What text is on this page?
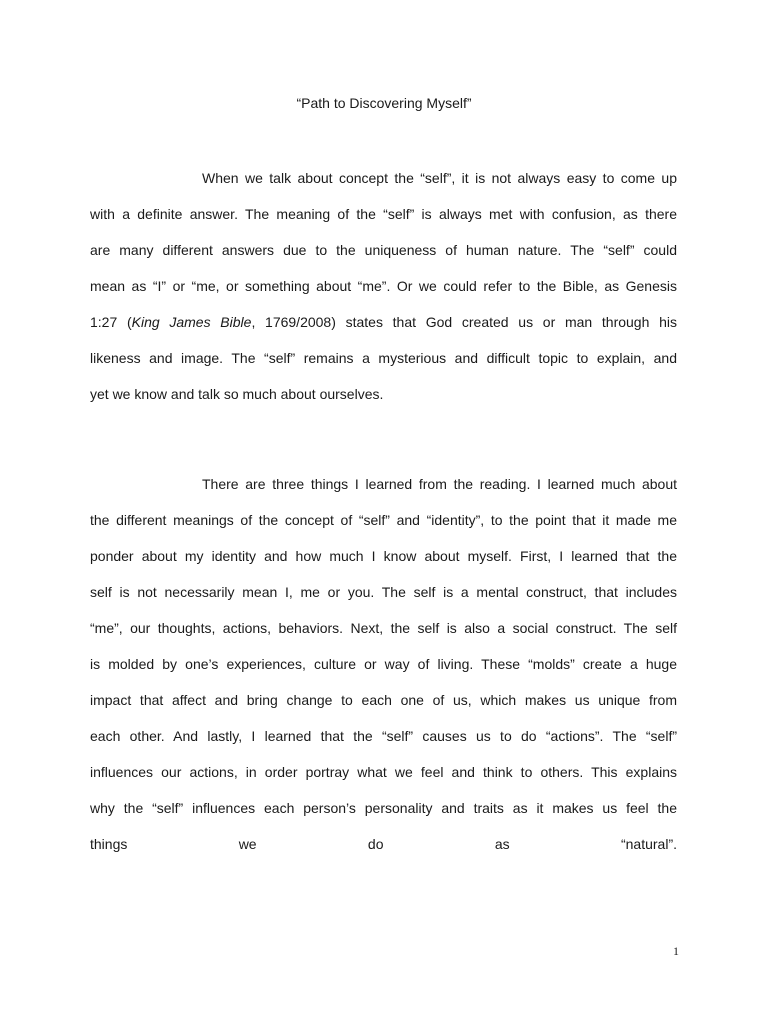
“Path to Discovering Myself”
When we talk about concept the “self”, it is not always easy to come up
with a definite answer. The meaning of the “self” is always met with confusion, as there
are many different answers due to the uniqueness of human nature. The “self” could
mean as “I” or “me, or something about “me”. Or we could refer to the Bible, as Genesis
1:27 (King James Bible, 1769/2008) states that God created us or man through his
likeness and image. The “self” remains a mysterious and difficult topic to explain, and
yet we know and talk so much about ourselves.
There are three things I learned from the reading. I learned much about
the different meanings of the concept of “self” and “identity”, to the point that it made me
ponder about my identity and how much I know about myself. First, I learned that the
self is not necessarily mean I, me or you. The self is a mental construct, that includes
“me”, our thoughts, actions, behaviors. Next, the self is also a social construct. The self
is molded by one’s experiences, culture or way of living. These “molds” create a huge
impact that affect and bring change to each one of us, which makes us unique from
each other. And lastly, I learned that the “self” causes us to do “actions”. The “self”
influences our actions, in order portray what we feel and think to others. This explains
why the “self” influences each person’s personality and traits as it makes us feel the
things we do as “natural”.
1
